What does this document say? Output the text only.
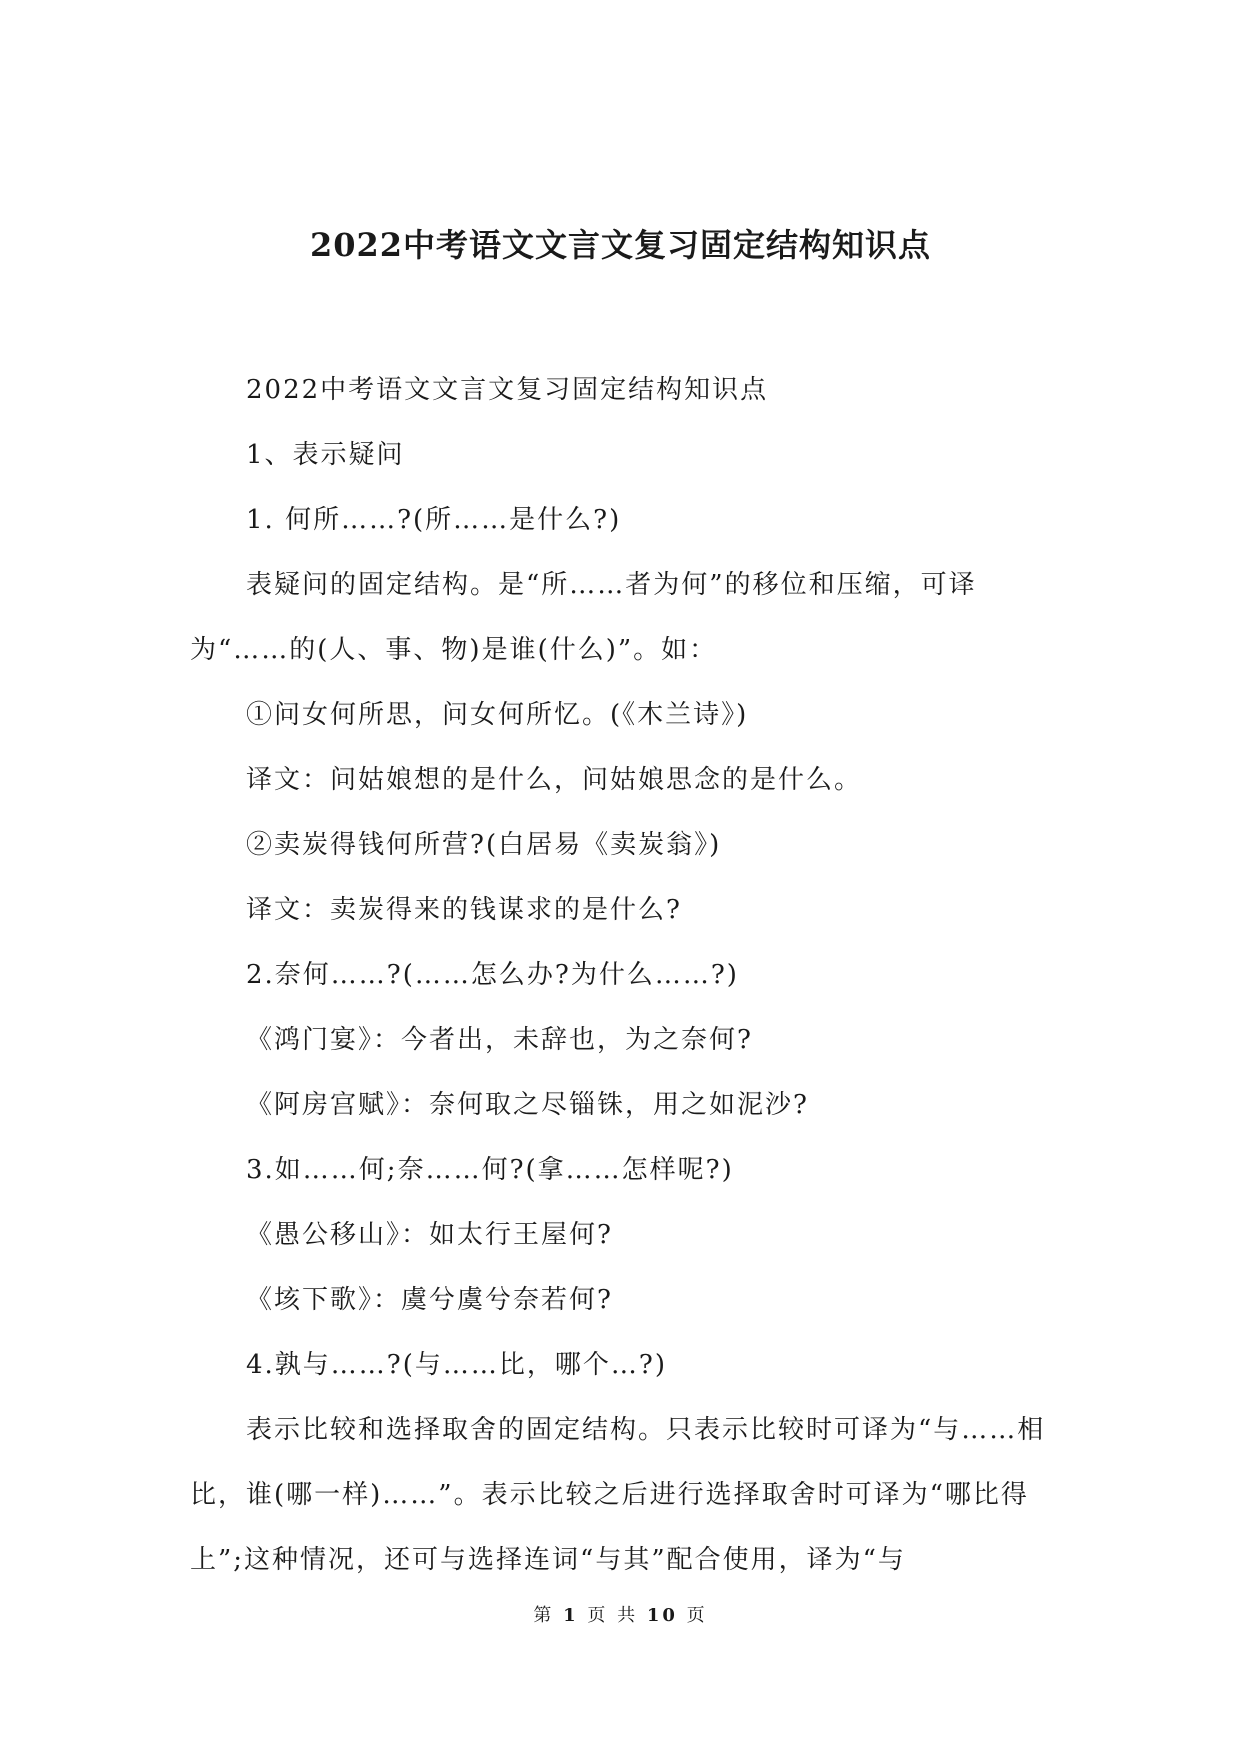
2022中考语文文言文复习固定结构知识点

2022中考语文文言文复习固定结构知识点

1、表示疑问

1. 何所……?(所……是什么?)

表疑问的固定结构。是“所……者为何”的移位和压缩，可译为“……的(人、事、物)是谁(什么)”。如：

①问女何所思，问女何所忆。(《木兰诗》)

译文：问姑娘想的是什么，问姑娘思念的是什么。

②卖炭得钱何所营?(白居易《卖炭翁》)

译文：卖炭得来的钱谋求的是什么?

2.奈何……?(……怎么办?为什么……?)

《鸿门宴》：今者出，未辞也，为之奈何?

《阿房宫赋》：奈何取之尽锱铢，用之如泥沙?

3.如……何;奈……何?(拿……怎样呢?)

《愚公移山》：如太行王屋何?

《垓下歌》：虞兮虞兮奈若何?

4.孰与……?(与……比，哪个…?)

表示比较和选择取舍的固定结构。只表示比较时可译为“与……相比，谁(哪一样)……”。表示比较之后进行选择取舍时可译为“哪比得上”;这种情况，还可与选择连词“与其”配合使用，译为“与

第 1 页 共 10 页
